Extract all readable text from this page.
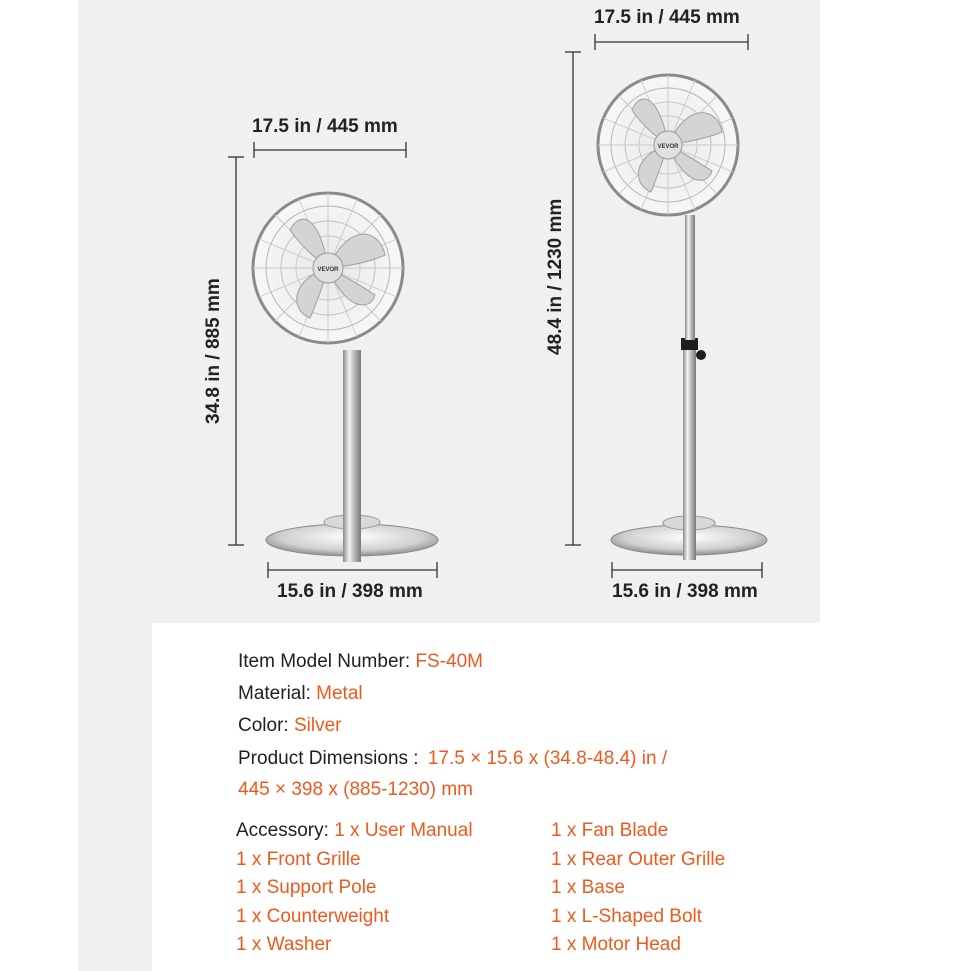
VEVOR
VEVOR
17.5 in / 445 mm
34.8 in / 885 mm
15.6 in / 398 mm
17.5 in / 445 mm
48.4 in / 1230 mm
15.6 in / 398 mm
Item Model Number: FS-40M
Material: Metal
Color: Silver
Product Dimensions : 17.5 × 15.6 x (34.8-48.4) in /
445 × 398 x (885-1230) mm
Accessory: 1 x User Manual
1 x Front Grille
1 x Support Pole
1 x Counterweight
1 x Washer
1 x Fan Blade
1 x Rear Outer Grille
1 x Base
1 x L-Shaped Bolt
1 x Motor Head
